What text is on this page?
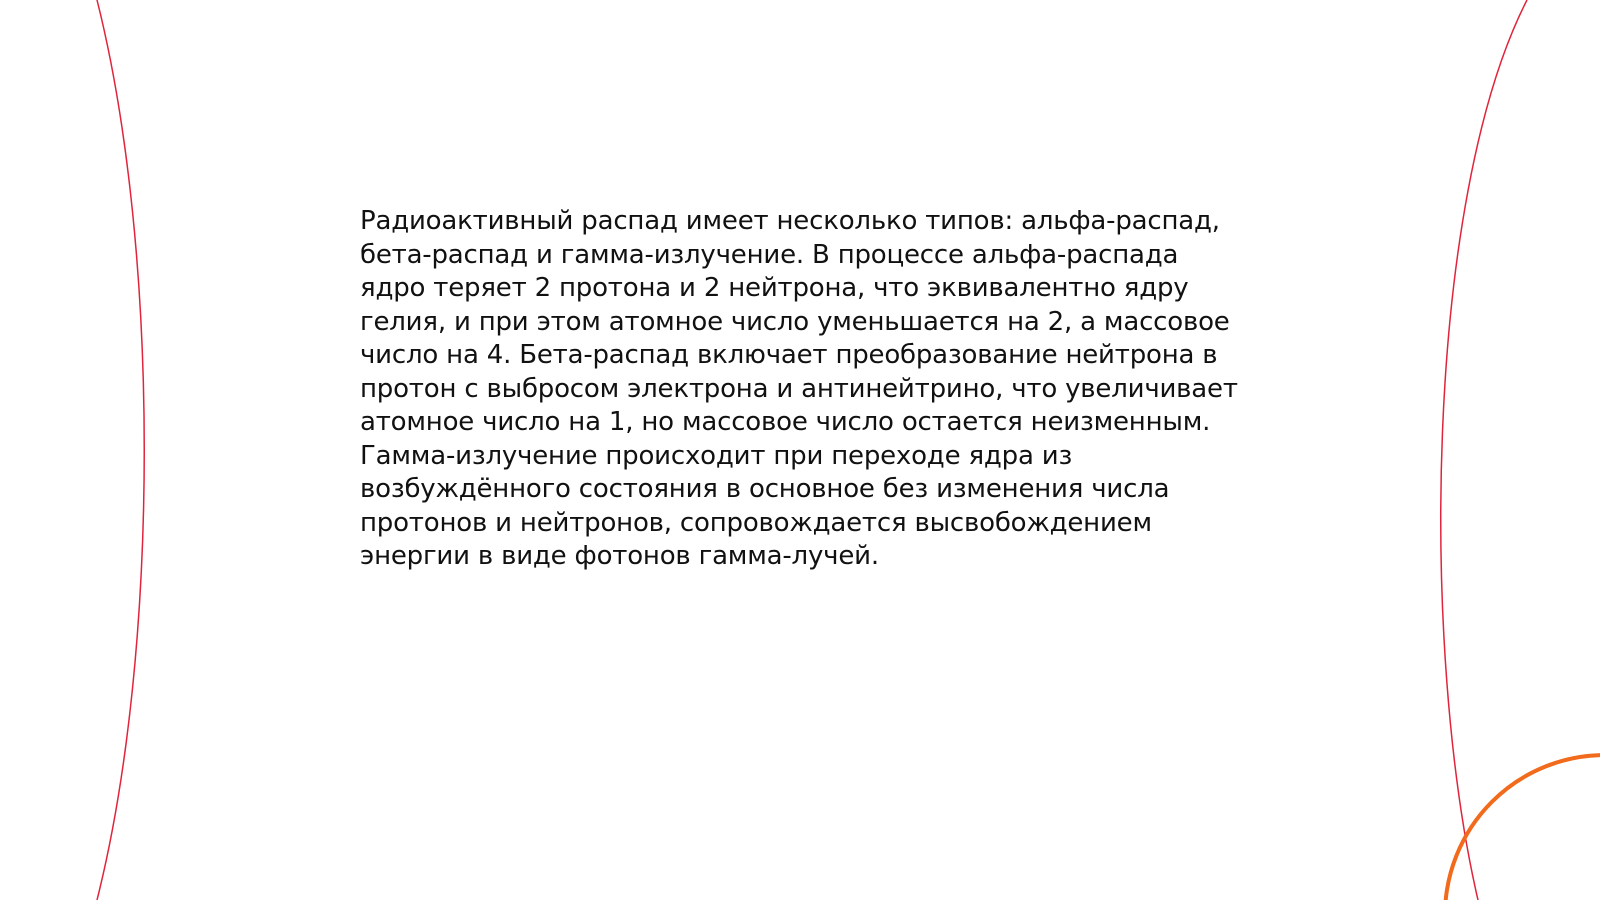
Радиоактивный распад имеет несколько типов: альфа-распад, бета-распад и гамма-излучение. В процессе альфа-распада ядро теряет 2 протона и 2 нейтрона, что эквивалентно ядру гелия, и при этом атомное число уменьшается на 2, а массовое число на 4. Бета-распад включает преобразование нейтрона в протон с выбросом электрона и антинейтрино, что увеличивает атомное число на 1, но массовое число остается неизменным. Гамма-излучение происходит при переходе ядра из возбуждённого состояния в основное без изменения числа протонов и нейтронов, сопровождается высвобождением энергии в виде фотонов гамма-лучей.
